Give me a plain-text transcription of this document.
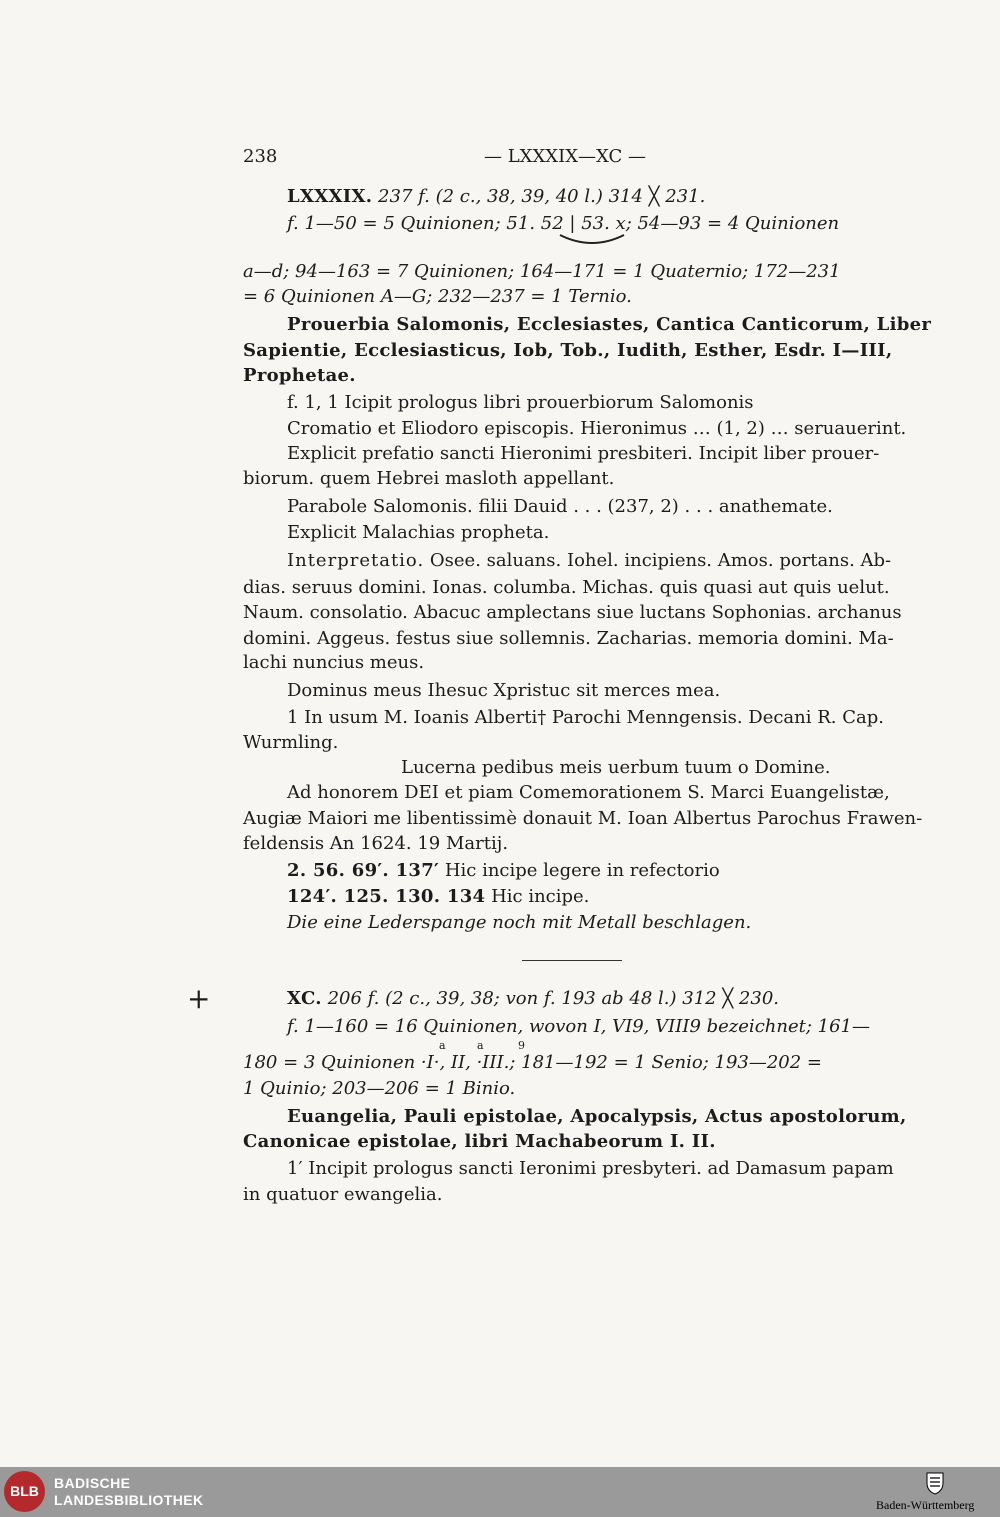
238	— LXXXIX—XC —
LXXXIX. 237 f. (2 c., 38, 39, 40 l.) 314 ╳ 231.
f. 1—50 = 5 Quinionen; 51. 52 | 53. x; 54—93 = 4 Quinionen
a—d; 94—163 = 7 Quinionen; 164—171 = 1 Quaternio; 172—231
= 6 Quinionen A—G; 232—237 = 1 Ternio.
Prouerbia Salomonis, Ecclesiastes, Cantica Canticorum, Liber
Sapientie, Ecclesiasticus, Iob, Tob., Iudith, Esther, Esdr. I—III,
Prophetae.
f. 1, 1 Icipit prologus libri prouerbiorum Salomonis
Cromatio et Eliodoro episcopis. Hieronimus … (1, 2) … seruauerint.
Explicit prefatio sancti Hieronimi presbiteri. Incipit liber prouer-
biorum. quem Hebrei masloth appellant.
Parabole Salomonis. filii Dauid . . . (237, 2) . . . anathemate.
Explicit Malachias propheta.
Interpretatio. Osee. saluans. Iohel. incipiens. Amos. portans. Ab-
dias. seruus domini. Ionas. columba. Michas. quis quasi aut quis uelut.
Naum. consolatio. Abacuc amplectans siue luctans Sophonias. archanus
domini. Aggeus. festus siue sollemnis. Zacharias. memoria domini. Ma-
lachi nuncius meus.
Dominus meus Ihesuc Xpristuc sit merces mea.
1 In usum M. Ioanis Alberti† Parochi Menngensis. Decani R. Cap.
Wurmling.
Lucerna pedibus meis uerbum tuum o Domine.
Ad honorem DEI et piam Comemorationem S. Marci Euangelistæ,
Augiæ Maiori me libentissimè donauit M. Ioan Albertus Parochus Frawen-
feldensis An 1624. 19 Martij.
2. 56. 69′. 137′ Hic incipe legere in refectorio
124′. 125. 130. 134 Hic incipe.
Die eine Lederspange noch mit Metall beschlagen.
+	XC. 206 f. (2 c., 39, 38; von f. 193 ab 48 l.) 312 ╳ 230.
f. 1—160 = 16 Quinionen, wovon I, VI9, VIII9 bezeichnet; 161—
a	a	9
180 = 3 Quinionen ·I·, II, ·III.; 181—192 = 1 Senio; 193—202 =
1 Quinio; 203—206 = 1 Binio.
Euangelia, Pauli epistolae, Apocalypsis, Actus apostolorum,
Canonicae epistolae, libri Machabeorum I. II.
1′ Incipit prologus sancti Ieronimi presbyteri. ad Damasum papam
in quatuor ewangelia.
BLB	BADISCHE
LANDESBIBLIOTHEK	Baden-Württemberg
